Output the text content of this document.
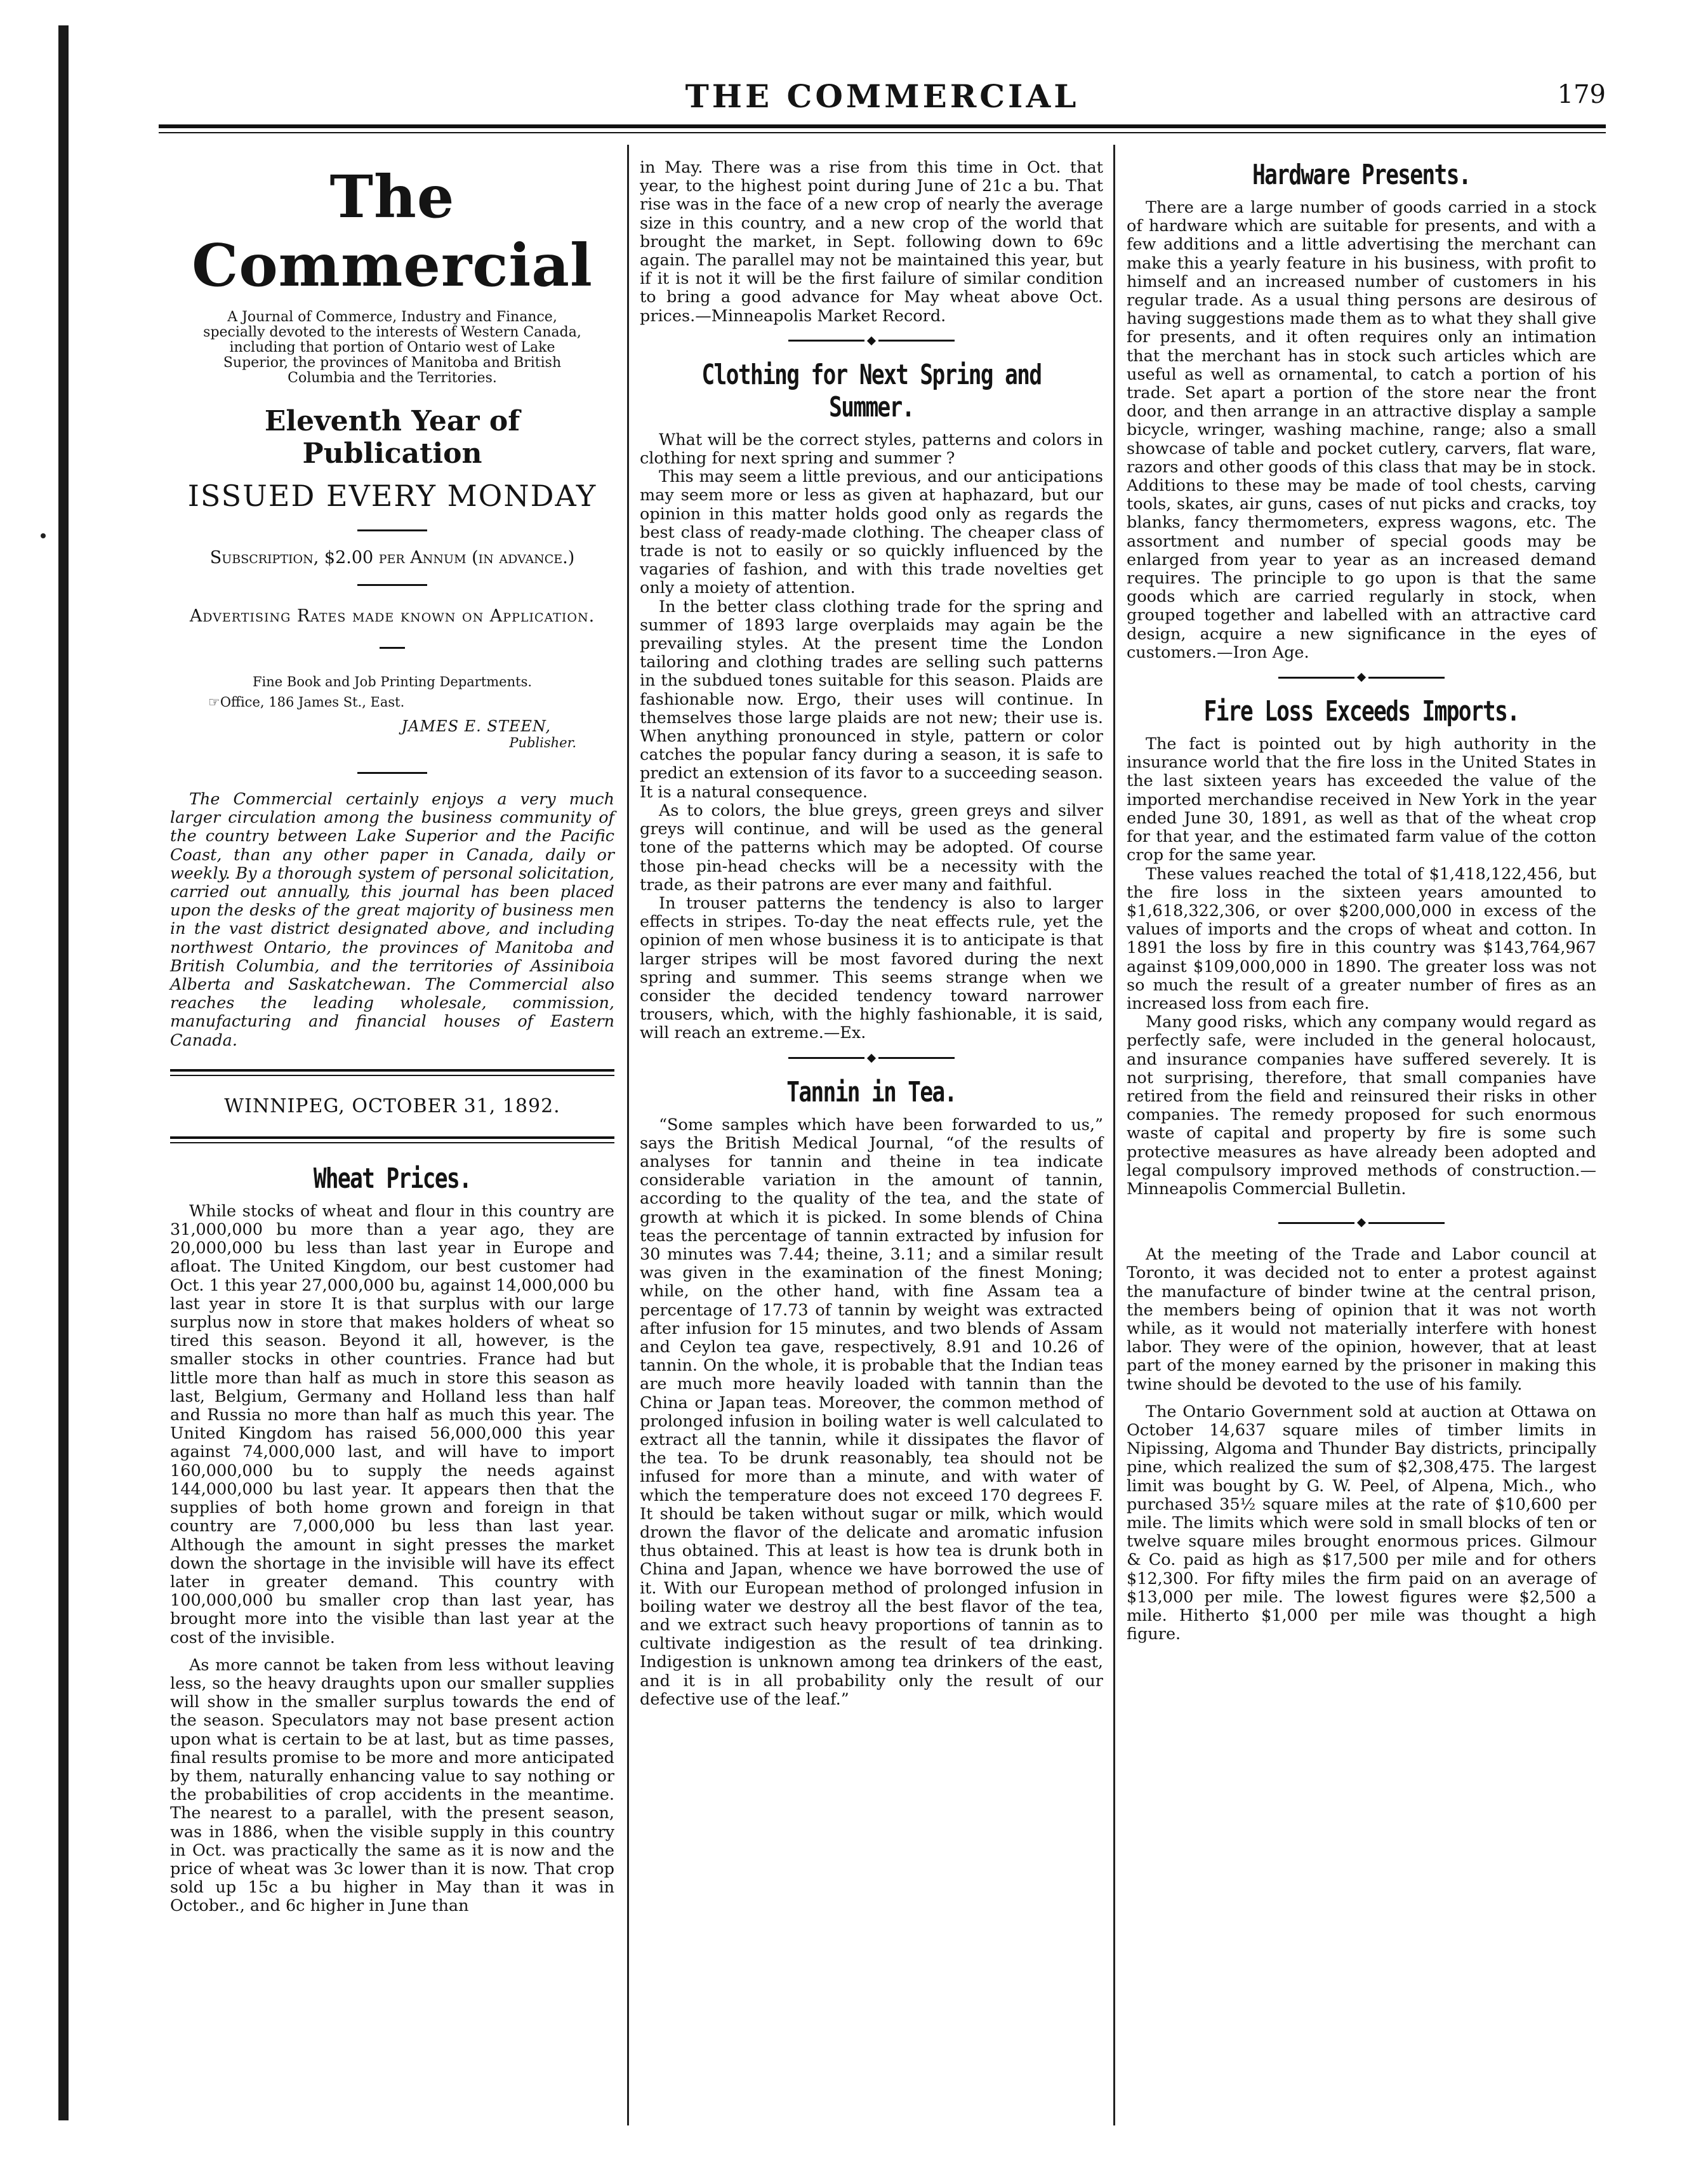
THE COMMERCIAL	179
The Commercial

A Journal of Commerce, Industry and Finance, specially devoted to the interests of Western Canada, including that portion of Ontario west of Lake Superior, the provinces of Manitoba and British Columbia and the Territories.

Eleventh Year of Publication
ISSUED EVERY MONDAY

Subscription, $2.00 per Annum (in advance.)

Advertising Rates made known on Application.

Fine Book and Job Printing Departments.

☞Office, 186 James St., East.

JAMES E. STEEN,

Publisher.

The Commercial certainly enjoys a very much larger circulation among the business community of the country between Lake Superior and the Pacific Coast, than any other paper in Canada, daily or weekly. By a thorough system of personal solicitation, carried out annually, this journal has been placed upon the desks of the great majority of business men in the vast district designated above, and including northwest Ontario, the provinces of Manitoba and British Columbia, and the territories of Assiniboia Alberta and Saskatchewan. The Commercial also reaches the leading wholesale, commission, manufacturing and financial houses of Eastern Canada.

WINNIPEG, OCTOBER 31, 1892.

Wheat Prices.

While stocks of wheat and flour in this country are 31,000,000 bu more than a year ago, they are 20,000,000 bu less than last year in Europe and afloat. The United Kingdom, our best customer had Oct. 1 this year 27,000,000 bu, against 14,000,000 bu last year in store It is that surplus with our large surplus now in store that makes holders of wheat so tired this season. Beyond it all, however, is the smaller stocks in other countries. France had but little more than half as much in store this season as last, Belgium, Germany and Holland less than half and Russia no more than half as much this year. The United Kingdom has raised 56,000,000 this year against 74,000,000 last, and will have to import 160,000,000 bu to supply the needs against 144,000,000 bu last year. It appears then that the supplies of both home grown and foreign in that country are 7,000,000 bu less than last year. Although the amount in sight presses the market down the shortage in the invisible will have its effect later in greater demand. This country with 100,000,000 bu smaller crop than last year, has brought more into the visible than last year at the cost of the invisible.

As more cannot be taken from less without leaving less, so the heavy draughts upon our smaller supplies will show in the smaller surplus towards the end of the season. Speculators may not base present action upon what is certain to be at last, but as time passes, final results promise to be more and more anticipated by them, naturally enhancing value to say nothing or the probabilities of crop accidents in the meantime. The nearest to a parallel, with the present season, was in 1886, when the visible supply in this country in Oct. was practically the same as it is now and the price of wheat was 3c lower than it is now. That crop sold up 15c a bu higher in May than it was in October., and 6c higher in June than

in May. There was a rise from this time in Oct. that year, to the highest point during June of 21c a bu. That rise was in the face of a new crop of nearly the average size in this country, and a new crop of the world that brought the market, in Sept. following down to 69c again. The parallel may not be maintained this year, but if it is not it will be the first failure of similar condition to bring a good advance for May wheat above Oct. prices.—Minneapolis Market Record.

Clothing for Next Spring and Summer.

What will be the correct styles, patterns and colors in clothing for next spring and summer ?

This may seem a little previous, and our anticipations may seem more or less as given at haphazard, but our opinion in this matter holds good only as regards the best class of ready-made clothing. The cheaper class of trade is not to easily or so quickly influenced by the vagaries of fashion, and with this trade novelties get only a moiety of attention.

In the better class clothing trade for the spring and summer of 1893 large overplaids may again be the prevailing styles. At the present time the London tailoring and clothing trades are selling such patterns in the subdued tones suitable for this season. Plaids are fashionable now. Ergo, their uses will continue. In themselves those large plaids are not new; their use is. When anything pronounced in style, pattern or color catches the popular fancy during a season, it is safe to predict an extension of its favor to a succeeding season. It is a natural consequence.

As to colors, the blue greys, green greys and silver greys will continue, and will be used as the general tone of the patterns which may be adopted. Of course those pin-head checks will be a necessity with the trade, as their patrons are ever many and faithful.

In trouser patterns the tendency is also to larger effects in stripes. To-day the neat effects rule, yet the opinion of men whose business it is to anticipate is that larger stripes will be most favored during the next spring and summer. This seems strange when we consider the decided tendency toward narrower trousers, which, with the highly fashionable, it is said, will reach an extreme.—Ex.

Tannin in Tea.

“Some samples which have been forwarded to us,” says the British Medical Journal, “of the results of analyses for tannin and theine in tea indicate considerable variation in the amount of tannin, according to the quality of the tea, and the state of growth at which it is picked. In some blends of China teas the percentage of tannin extracted by infusion for 30 minutes was 7.44; theine, 3.11; and a similar result was given in the examination of the finest Moning; while, on the other hand, with fine Assam tea a percentage of 17.73 of tannin by weight was extracted after infusion for 15 minutes, and two blends of Assam and Ceylon tea gave, respectively, 8.91 and 10.26 of tannin. On the whole, it is probable that the Indian teas are much more heavily loaded with tannin than the China or Japan teas. Moreover, the common method of prolonged infusion in boiling water is well calculated to extract all the tannin, while it dissipates the flavor of the tea. To be drunk reasonably, tea should not be infused for more than a minute, and with water of which the temperature does not exceed 170 degrees F. It should be taken without sugar or milk, which would drown the flavor of the delicate and aromatic infusion thus obtained. This at least is how tea is drunk both in China and Japan, whence we have borrowed the use of it. With our European method of prolonged infusion in boiling water we destroy all the best flavor of the tea, and we extract such heavy proportions of tannin as to cultivate indigestion as the result of tea drinking. Indigestion is unknown among tea drinkers of the east, and it is in all probability only the result of our defective use of the leaf.”

Hardware Presents.

There are a large number of goods carried in a stock of hardware which are suitable for presents, and with a few additions and a little advertising the merchant can make this a yearly feature in his business, with profit to himself and an increased number of customers in his regular trade. As a usual thing persons are desirous of having suggestions made them as to what they shall give for presents, and it often requires only an intimation that the merchant has in stock such articles which are useful as well as ornamental, to catch a portion of his trade. Set apart a portion of the store near the front door, and then arrange in an attractive display a sample bicycle, wringer, washing machine, range; also a small showcase of table and pocket cutlery, carvers, flat ware, razors and other goods of this class that may be in stock. Additions to these may be made of tool chests, carving tools, skates, air guns, cases of nut picks and cracks, toy blanks, fancy thermometers, express wagons, etc. The assortment and number of special goods may be enlarged from year to year as an increased demand requires. The principle to go upon is that the same goods which are carried regularly in stock, when grouped together and labelled with an attractive card design, acquire a new significance in the eyes of customers.—Iron Age.

Fire Loss Exceeds Imports.

The fact is pointed out by high authority in the insurance world that the fire loss in the United States in the last sixteen years has exceeded the value of the imported merchandise received in New York in the year ended June 30, 1891, as well as that of the wheat crop for that year, and the estimated farm value of the cotton crop for the same year.

These values reached the total of $1,418,122,456, but the fire loss in the sixteen years amounted to $1,618,322,306, or over $200,000,000 in excess of the values of imports and the crops of wheat and cotton. In 1891 the loss by fire in this country was $143,764,967 against $109,000,000 in 1890. The greater loss was not so much the result of a greater number of fires as an increased loss from each fire.

Many good risks, which any company would regard as perfectly safe, were included in the general holocaust, and insurance companies have suffered severely. It is not surprising, therefore, that small companies have retired from the field and reinsured their risks in other companies. The remedy proposed for such enormous waste of capital and property by fire is some such protective measures as have already been adopted and legal compulsory improved methods of construction.—Minneapolis Commercial Bulletin.

At the meeting of the Trade and Labor council at Toronto, it was decided not to enter a protest against the manufacture of binder twine at the central prison, the members being of opinion that it was not worth while, as it would not materially interfere with honest labor. They were of the opinion, however, that at least part of the money earned by the prisoner in making this twine should be devoted to the use of his family.

The Ontario Government sold at auction at Ottawa on October 14,637 square miles of timber limits in Nipissing, Algoma and Thunder Bay districts, principally pine, which realized the sum of $2,308,475. The largest limit was bought by G. W. Peel, of Alpena, Mich., who purchased 35½ square miles at the rate of $10,600 per mile. The limits which were sold in small blocks of ten or twelve square miles brought enormous prices. Gilmour & Co. paid as high as $17,500 per mile and for others $12,300. For fifty miles the firm paid on an average of $13,000 per mile. The lowest figures were $2,500 a mile. Hitherto $1,000 per mile was thought a high figure.
